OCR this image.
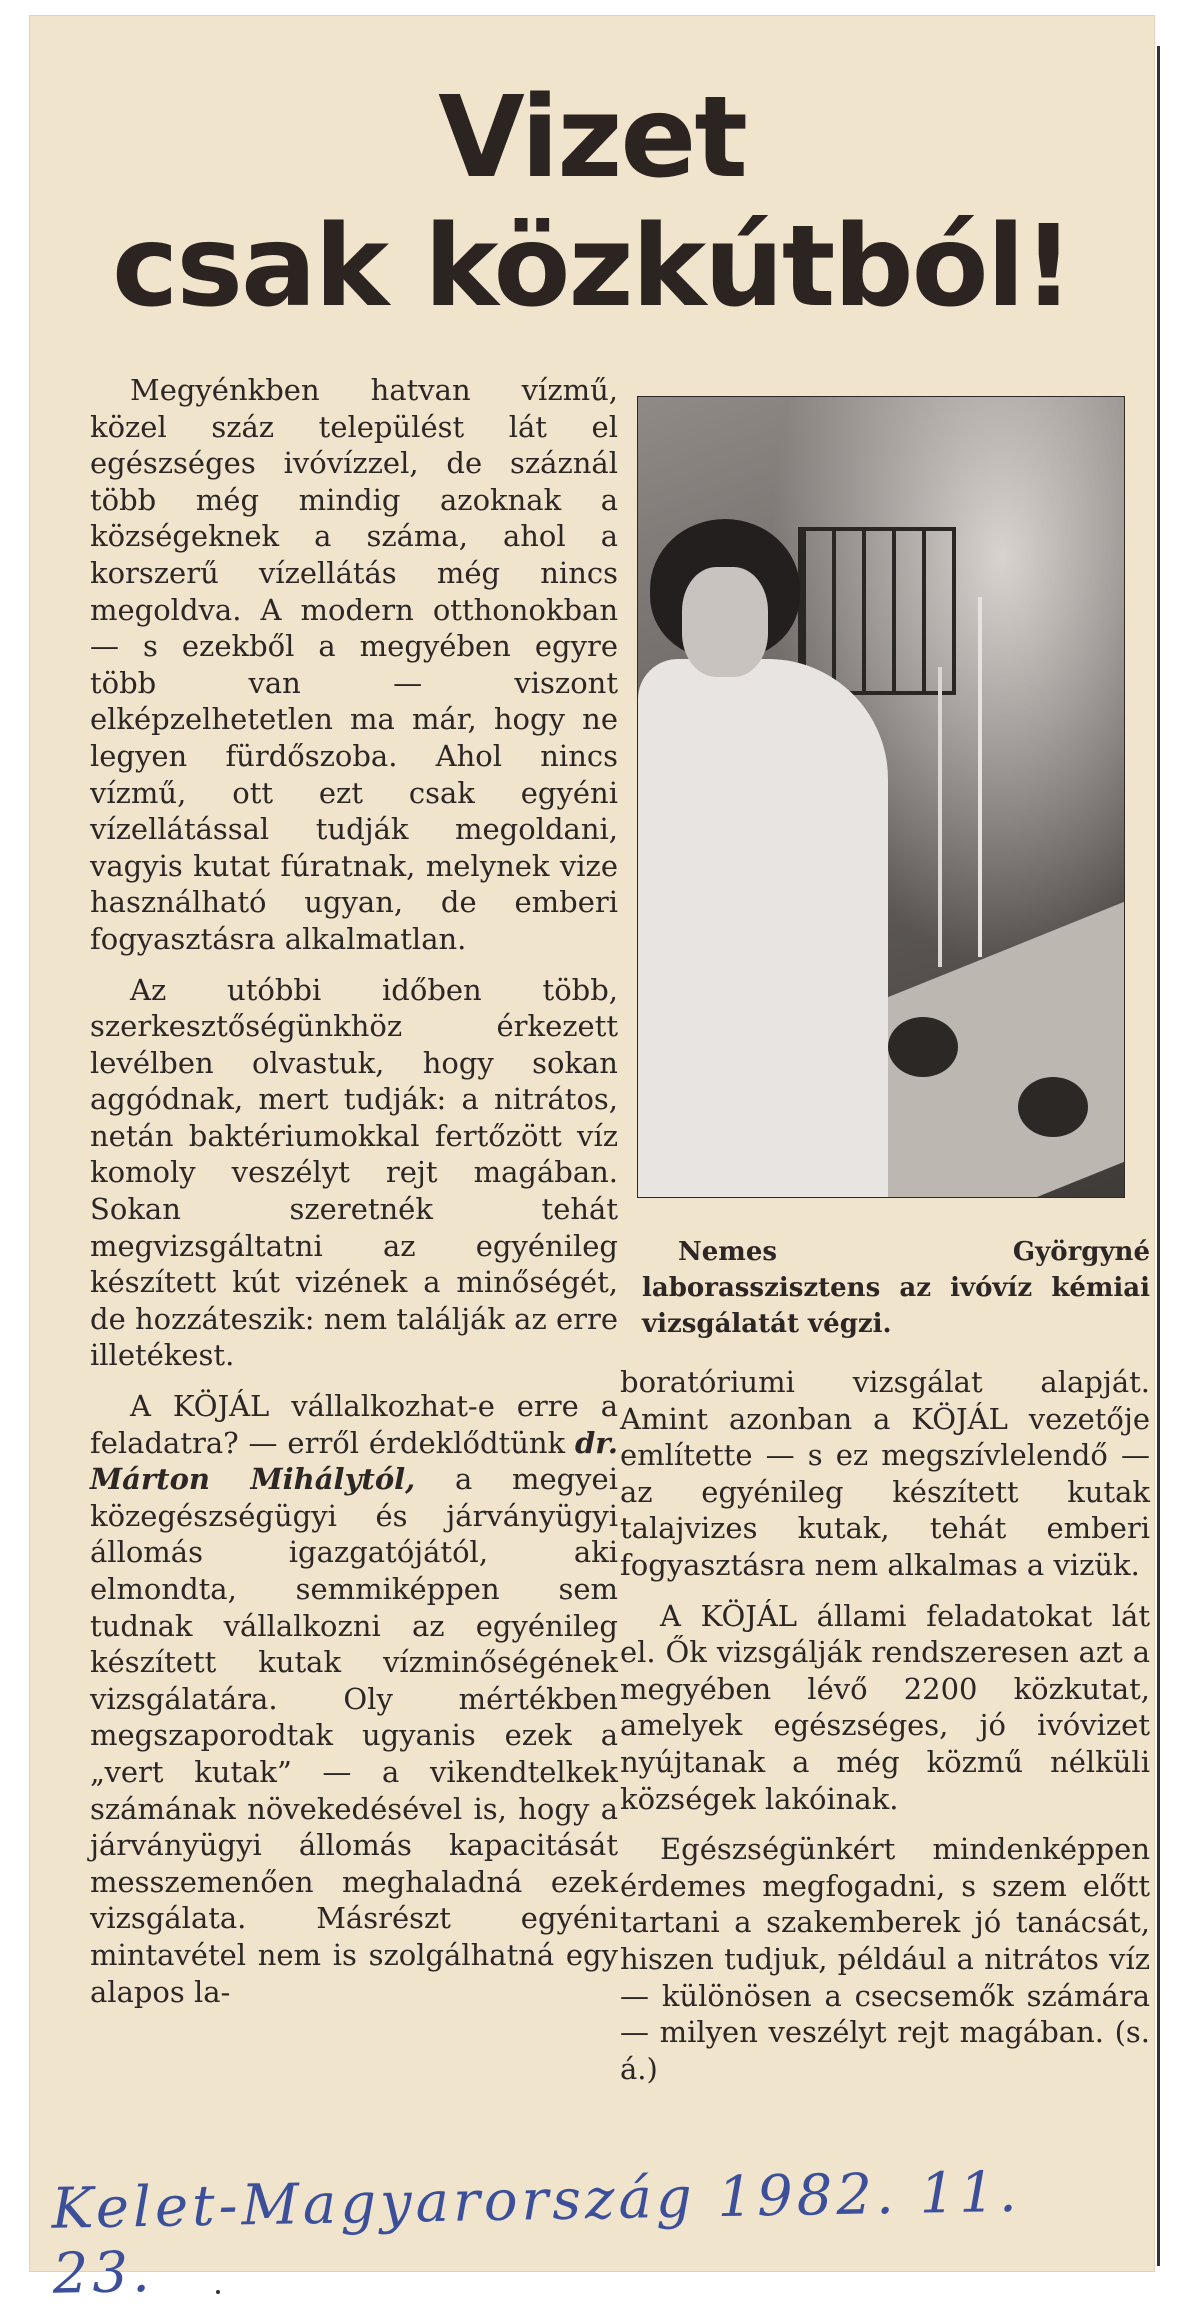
Vizet
csak közkútból!

Megyénkben hatvan vízmű, közel száz települést lát el egészséges ivóvízzel, de száznál több még mindig azoknak a községeknek a száma, ahol a korszerű vízellátás még nincs megoldva. A modern otthonokban — s ezekből a megyében egyre több van — viszont elképzelhetetlen ma már, hogy ne legyen fürdőszoba. Ahol nincs vízmű, ott ezt csak egyéni vízellátással tudják megoldani, vagyis kutat fúratnak, melynek vize használható ugyan, de emberi fogyasztásra alkalmatlan.

Az utóbbi időben több, szerkesztőségünkhöz érkezett levélben olvastuk, hogy sokan aggódnak, mert tudják: a nitrátos, netán baktériumokkal fertőzött víz komoly veszélyt rejt magában. Sokan szeretnék tehát megvizsgáltatni az egyénileg készített kút vizének a minőségét, de hozzáteszik: nem találják az erre illetékest.

A KÖJÁL vállalkozhat-e erre a feladatra? — erről érdeklődtünk dr. Márton Mihálytól, a megyei közegészségügyi és járványügyi állomás igazgatójától, aki elmondta, semmiképpen sem tudnak vállalkozni az egyénileg készített kutak vízminőségének vizsgálatára. Oly mértékben megszaporodtak ugyanis ezek a „vert kutak” — a vikendtelkek számának növekedésével is, hogy a járványügyi állomás kapacitását messzemenően meghaladná ezek vizsgálata. Másrészt egyéni mintavétel nem is szolgálhatná egy alapos la-

Nemes Györgyné laborasszisztens az ivóvíz kémiai vizsgálatát végzi.

boratóriumi vizsgálat alapját. Amint azonban a KÖJÁL vezetője említette — s ez megszívlelendő — az egyénileg készített kutak talajvizes kutak, tehát emberi fogyasztásra nem alkalmas a vizük.

A KÖJÁL állami feladatokat lát el. Ők vizsgálják rendszeresen azt a megyében lévő 2200 közkutat, amelyek egészséges, jó ivóvizet nyújtanak a még közmű nélküli községek lakóinak.

Egészségünkért mindenképpen érdemes megfogadni, s szem előtt tartani a szakemberek jó tanácsát, hiszen tudjuk, például a nitrátos víz — különösen a csecsemők számára — milyen veszélyt rejt magában. (s. á.)

Kelet-Magyarország 1982. 11. 23.
